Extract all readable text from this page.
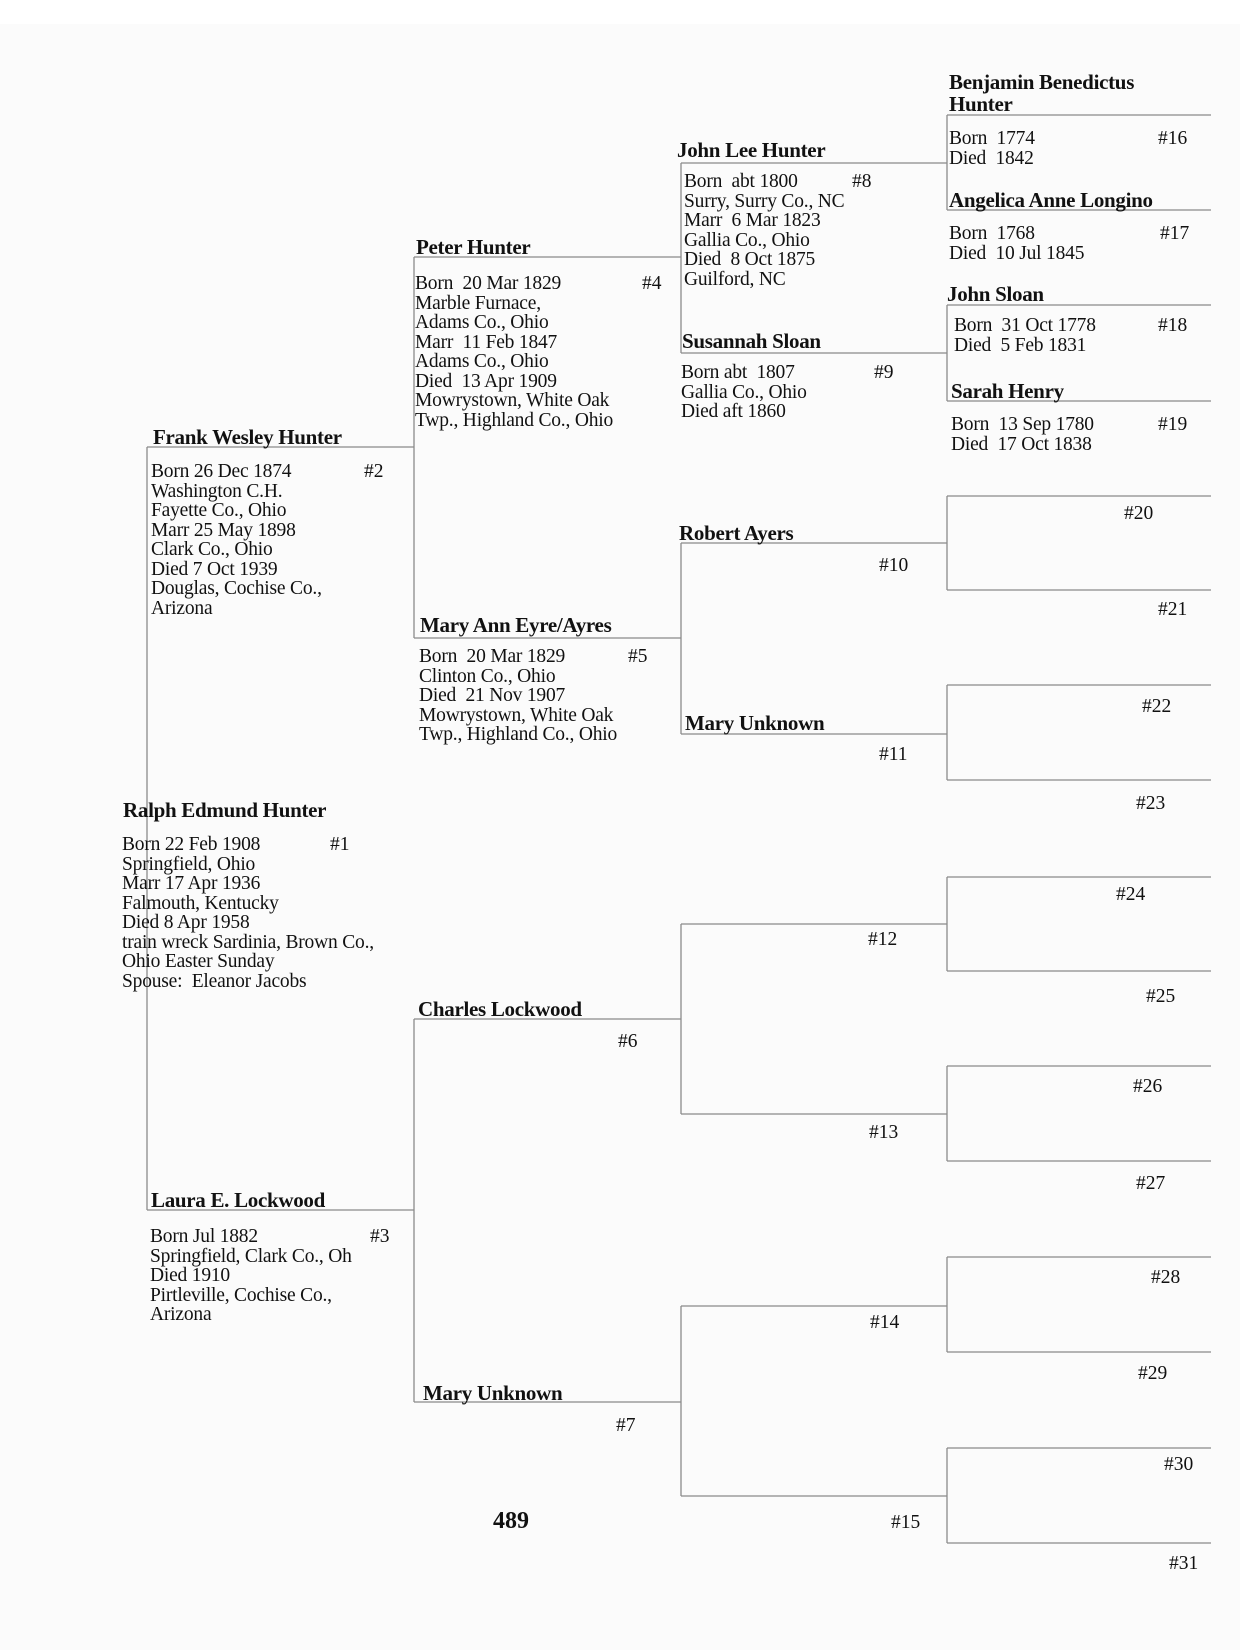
Ralph Edmund Hunter
Born 22 Feb 1908
Springfield, Ohio
Marr 17 Apr 1936
Falmouth, Kentucky
Died 8 Apr 1958
train wreck Sardinia, Brown Co.,
Ohio Easter Sunday
Spouse:  Eleanor Jacobs
#1
Frank Wesley Hunter
Born 26 Dec 1874
Washington C.H.
Fayette Co., Ohio
Marr 25 May 1898
Clark Co., Ohio
Died 7 Oct 1939
Douglas, Cochise Co.,
Arizona
#2
Laura E. Lockwood
Born Jul 1882
Springfield, Clark Co., Oh
Died 1910
Pirtleville, Cochise Co.,
Arizona
#3
Peter Hunter
Born  20 Mar 1829
Marble Furnace,
Adams Co., Ohio
Marr  11 Feb 1847
Adams Co., Ohio
Died  13 Apr 1909
Mowrystown, White Oak
Twp., Highland Co., Ohio
#4
Mary Ann Eyre/Ayres
Born  20 Mar 1829
Clinton Co., Ohio
Died  21 Nov 1907
Mowrystown, White Oak
Twp., Highland Co., Ohio
#5
Charles Lockwood
#6
Mary Unknown
#7
John Lee Hunter
Born  abt 1800
Surry, Surry Co., NC
Marr  6 Mar 1823
Gallia Co., Ohio
Died  8 Oct 1875
Guilford, NC
#8
Susannah Sloan
Born abt  1807
Gallia Co., Ohio
Died aft 1860
#9
Robert Ayers
#10
Mary Unknown
#11
#12
#13
#14
#15
Benjamin Benedictus Hunter
Born  1774
Died  1842
#16
Angelica Anne Longino
Born  1768
Died  10 Jul 1845
#17
John Sloan
Born  31 Oct 1778
Died  5 Feb 1831
#18
Sarah Henry
Born  13 Sep 1780
Died  17 Oct 1838
#19
#20
#21
#22
#23
#24
#25
#26
#27
#28
#29
#30
#31
489
